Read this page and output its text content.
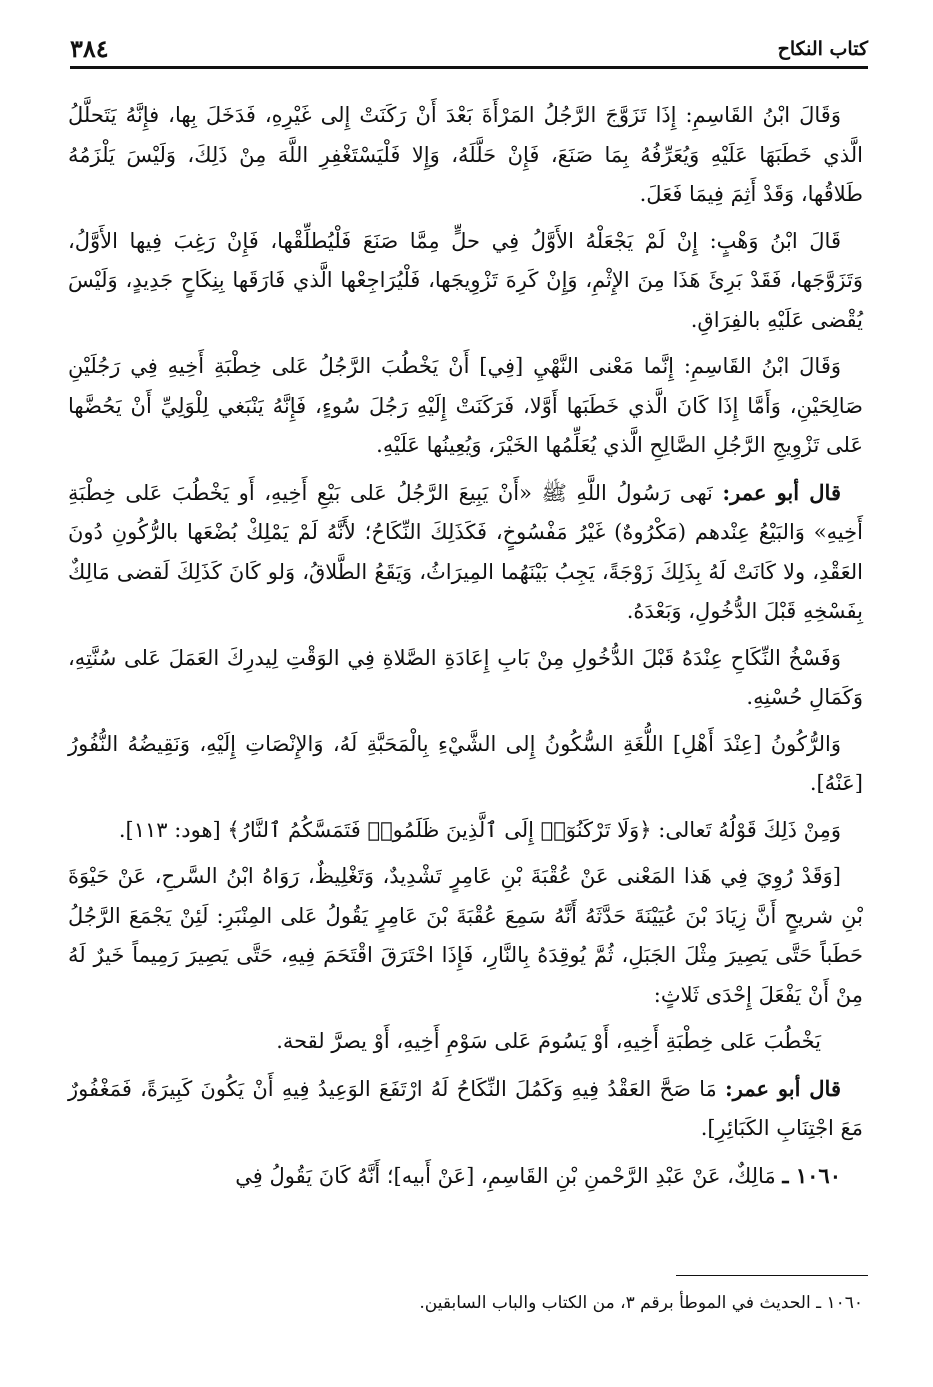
كتاب النكاح
٣٨٤

وَقَالَ ابْنُ القَاسِمِ: إِذَا تَزَوَّجَ الرَّجُلُ المَرْأَةَ بَعْدَ أَنْ رَكَنَتْ إِلى غَيْرِهِ، فَدَخَلَ بِها، فإِنَّهُ يَتَحلَّلُ الَّذي خَطَبَهَا عَلَيْهِ وَيُعَرِّفُهُ بِمَا صَنَعَ، فَإِنْ حَلَّلَهُ، وَإِلا فَلْيَسْتَغْفِرِ اللَّهَ مِنْ ذَلِكَ، وَلَيْسَ يَلْزَمُهُ طَلاقُها، وَقَدْ أَثِمَ فِيمَا فَعَلَ.

قَالَ ابْنُ وَهْبٍ: إِنْ لَمْ يَجْعَلْهُ الأَوَّلُ فِي حلٍّ مِمَّا صَنَعَ فَلْيُطلِّقْها، فَإِنْ رَغِبَ فِيها الأَوَّلُ، وَتَزَوَّجَها، فَقَدْ بَرِئَ هَذَا مِنَ الإِثْمِ، وَإِنْ كَرِهَ تَزْوِيجَها، فَلْيُرَاجِعْها الَّذي فَارَقَها بِنِكَاحٍ جَدِيدٍ، وَلَيْسَ يُقْضى عَلَيْهِ بالفِرَاقِ.

وَقَالَ ابْنُ القَاسِمِ: إِنَّما مَعْنى النَّهْيِ [فِي] أَنْ يَخْطُبَ الرَّجُلُ عَلى خِطْبَةِ أَخِيهِ فِي رَجُلَيْنِ صَالِحَيْنِ، وَأَمَّا إِذَا كَانَ الَّذي خَطَبَها أَوَّلا، فَرَكَنَتْ إِلَيْهِ رَجُلَ سُوءٍ، فَإِنَّهُ يَنْبَغي لِلْوَلِيِّ أَنْ يَحُضَّها عَلى تَزْوِيجِ الرَّجُلِ الصَّالِحِ الَّذي يُعَلِّمُها الخَيْرَ، وَيُعِينُها عَلَيْهِ.

قال أبو عمر: نَهى رَسُولُ اللَّهِ ﷺ «أَنْ يَبِيعَ الرَّجُلُ عَلى بَيْعِ أَخِيهِ، أَو يَخْطُبَ عَلى خِطْبَةِ أَخِيهِ» وَالبَيْعُ عِنْدهم (مَكْرُوهٌ) غَيْرُ مَفْسُوخٍ، فَكَذَلِكَ النِّكَاحُ؛ لأَنَّهُ لَمْ يَمْلِكْ بُضْعَها بالرُّكُونِ دُونَ العَقْدِ، ولا كَانَتْ لَهُ بِذَلِكَ زَوْجَةً، يَجِبُ بَيْنَهُما المِيرَاثُ، وَيَقَعُ الطَّلاقُ، وَلو كَانَ كَذَلِكَ لَقضى مَالِكٌ بِفَسْخِهِ قَبْلَ الدُّخُولِ، وَبَعْدَهُ.

وَفَسْخُ النِّكَاحِ عِنْدَهُ قَبْلَ الدُّخُولِ مِنْ بَابِ إِعَادَةِ الصَّلاةِ فِي الوَقْتِ لِيدرِكَ العَمَلَ عَلى سُنَّتِهِ، وَكَمَالِ حُسْنِهِ.

وَالرُّكُونُ [عِنْدَ أَهْلِ] اللُّغَةِ السُّكُونُ إِلى الشَّيْءِ بِالْمَحَبَّةِ لَهُ، وَالإِنْصَاتِ إِلَيْهِ، وَنَقِيضُهُ النُّفُورُ [عَنْهُ].

وَمِنْ ذَلِكَ قَوْلُهُ تَعالى: ﴿وَلَا تَرْكَنُوٓا۟ إِلَى ٱلَّذِينَ ظَلَمُوا۟ فَتَمَسَّكُمُ ٱلنَّارُ﴾ [هود: ١١٣].

[وَقَدْ رُوِيَ فِي هَذا المَعْنى عَنْ عُقْبَةَ بْنِ عَامِرٍ تَشْدِيدٌ، وَتَغْلِيظٌ، رَوَاهُ ابْنُ السَّرحِ، عَنْ حَيْوَةَ بْنِ شريحٍ أَنَّ زِيَادَ بْنَ عُيَيْنَةَ حَدَّثَهُ أَنَّهُ سَمِعَ عُقْبَةَ بْنَ عَامِرٍ يَقُولُ عَلى المِنْبَرِ: لَئِنْ يَجْمَعَ الرَّجُلُ حَطَباً حَتَّى يَصِيرَ مِثْلَ الجَبَلِ، ثُمَّ يُوقِدَهُ بِالنَّارِ، فَإِذَا احْتَرَقَ اقْتَحَمَ فِيهِ، حَتَّى يَصِيرَ رَمِيماً خَيرٌ لَهُ مِنْ أَنْ يَفْعَلَ إِحْدَى ثَلاثٍ:

يَخْطُبَ عَلى خِطْبَةِ أَخِيهِ، أَوْ يَسُومَ عَلى سَوْمِ أَخِيهِ، أَوْ يصرَّ لقحة.

قال أبو عمر: مَا صَحَّ العَقْدُ فِيهِ وَكَمُلَ النِّكَاحُ لَهُ ارْتَفَعَ الوَعِيدُ فِيهِ أَنْ يَكُونَ كَبِيرَةً، فَمَغْفُورٌ مَعَ اجْتِنَابِ الكَبَائِرِ].

١٠٦٠ ـ مَالِكٌ، عَنْ عَبْدِ الرَّحْمنِ بْنِ القَاسِمِ، [عَنْ أَبيه]؛ أَنَّهُ كَانَ يَقُولُ فِي

١٠٦٠ ـ الحديث في الموطأ برقم ٣، من الكتاب والباب السابقين.
